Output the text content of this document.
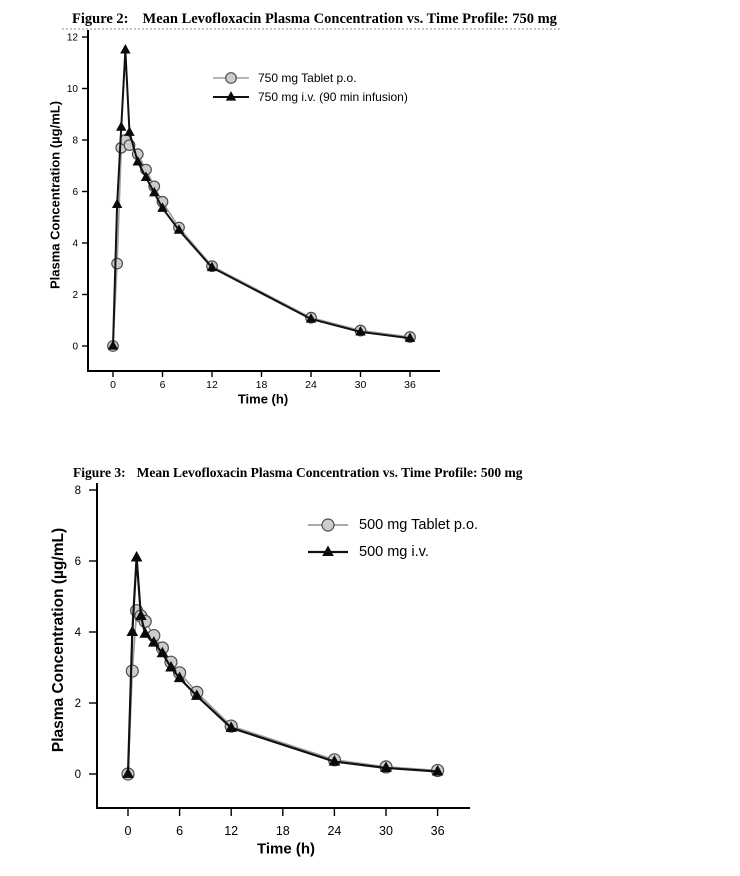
Figure 2: Mean Levofloxacin Plasma Concentration vs. Time Profile: 750 mg
0
2
4
6
8
10
12
0	6	12	18	24	30	36
Plasma Concentration (µg/mL)
Time (h)
750 mg Tablet p.o.
750 mg i.v. (90 min infusion)
Figure 3: Mean Levofloxacin Plasma Concentration vs. Time Profile: 500 mg
0
2
4
6
8
0	6	12	18	24	30	36
Plasma Concentration (µg/mL)
Time (h)
500 mg Tablet p.o.
500 mg i.v.
